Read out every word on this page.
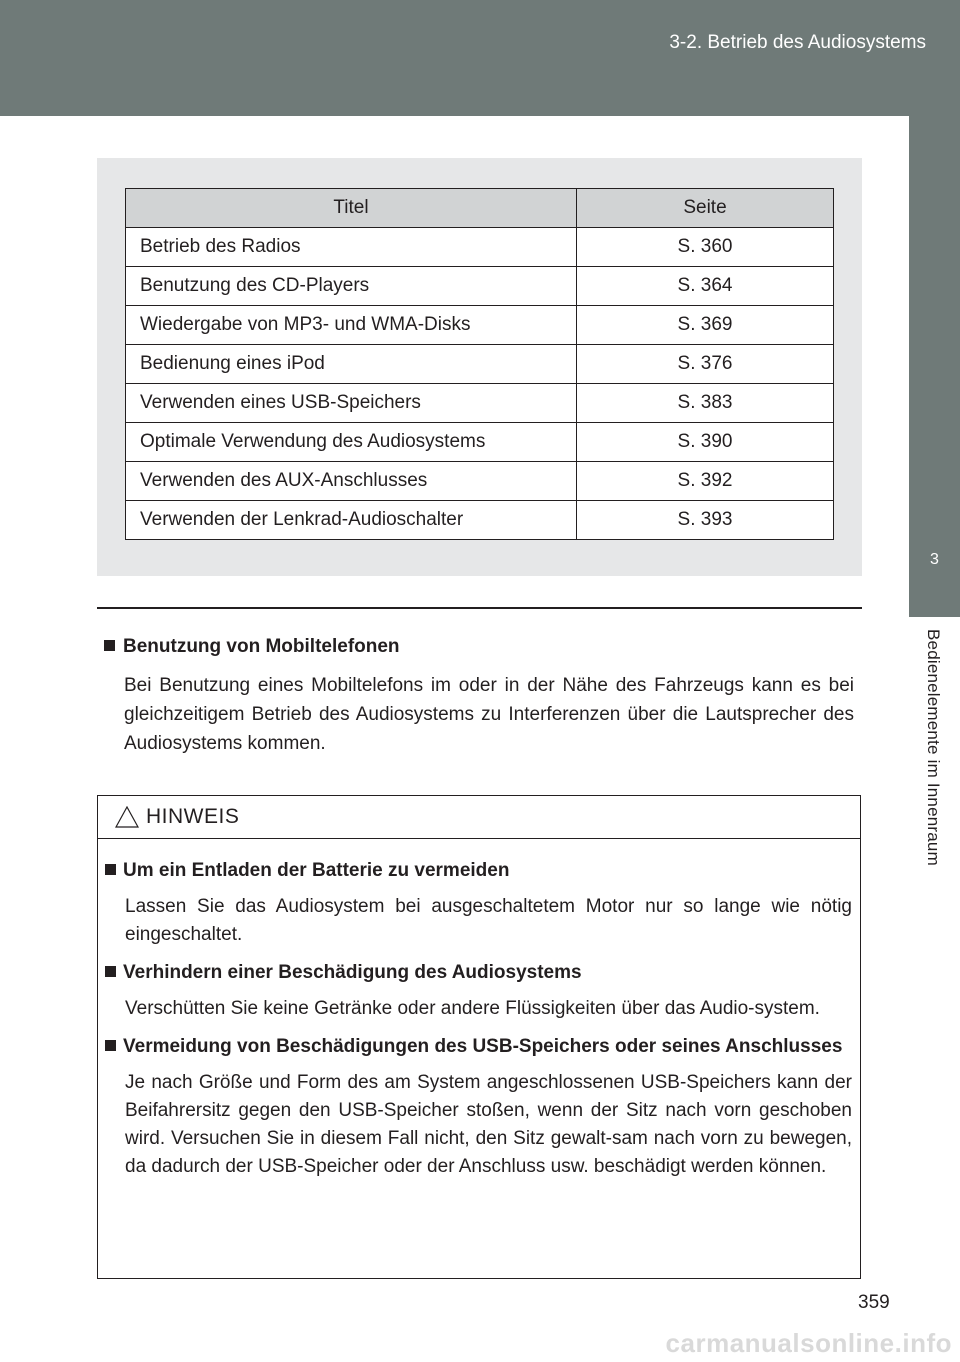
3-2. Betrieb des Audiosystems
3
Bedienelemente im Innenraum
Titel	Seite
Betrieb des Radios	S. 360
Benutzung des CD-Players	S. 364
Wiedergabe von MP3- und WMA-Disks	S. 369
Bedienung eines iPod	S. 376
Verwenden eines USB-Speichers	S. 383
Optimale Verwendung des Audiosystems	S. 390
Verwenden des AUX-Anschlusses	S. 392
Verwenden der Lenkrad-Audioschalter	S. 393
Benutzung von Mobiltelefonen
Bei Benutzung eines Mobiltelefons im oder in der Nähe des Fahrzeugs kann es bei gleichzeitigem Betrieb des Audiosystems zu Interferenzen über die Lautsprecher des Audiosystems kommen.
HINWEIS
Um ein Entladen der Batterie zu vermeiden
Lassen Sie das Audiosystem bei ausgeschaltetem Motor nur so lange wie nötig eingeschaltet.
Verhindern einer Beschädigung des Audiosystems
Verschütten Sie keine Getränke oder andere Flüssigkeiten über das Audio-system.
Vermeidung von Beschädigungen des USB-Speichers oder seines Anschlusses
Je nach Größe und Form des am System angeschlossenen USB-Speichers kann der Beifahrersitz gegen den USB-Speicher stoßen, wenn der Sitz nach vorn geschoben wird. Versuchen Sie in diesem Fall nicht, den Sitz gewalt-sam nach vorn zu bewegen, da dadurch der USB-Speicher oder der Anschluss usw. beschädigt werden können.
359
carmanualsonline.info
